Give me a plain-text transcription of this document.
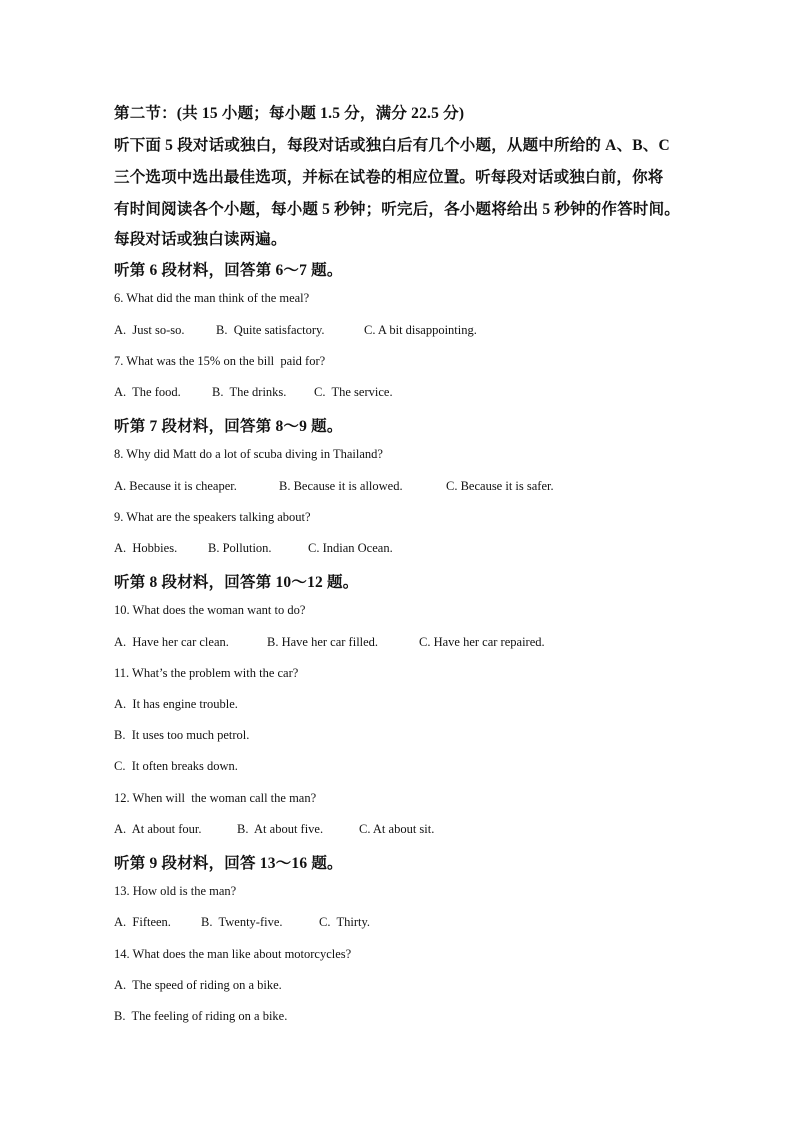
第二节：(共 15 小题；每小题 1.5 分，满分 22.5 分)
听下面 5 段对话或独白，每段对话或独白后有几个小题，从题中所给的 A、B、C
三个选项中选出最佳选项，并标在试卷的相应位置。听每段对话或独白前，你将
有时间阅读各个小题，每小题 5 秒钟；听完后，各小题将给出 5 秒钟的作答时间。
每段对话或独白读两遍。
听第 6 段材料，回答第 6～7 题。
6. What did the man think of the meal?
A.  Just so-so.	B.  Quite satisfactory.	C. A bit disappointing.
7. What was the 15% on the bill  paid for?
A.  The food. B.  The drinks. C.  The service.
听第 7 段材料，回答第 8～9 题。
8. Why did Matt do a lot of scuba diving in Thailand?
A. Because it is cheaper.	B. Because it is allowed.	C. Because it is safer.
9. What are the speakers talking about?
A.  Hobbies. B. Pollution.	C. Indian Ocean.
听第 8 段材料，回答第 10～12 题。
10. What does the woman want to do?
A.  Have her car clean.	B. Have her car filled.	C. Have her car repaired.
11. What’s the problem with the car?
A.  It has engine trouble.
B.  It uses too much petrol.
C.  It often breaks down.
12. When will  the woman call the man?
A.  At about four.	B.  At about five.	C. At about sit.
听第 9 段材料，回答 13～16 题。
13. How old is the man?
A.  Fifteen. B.  Twenty-five.	C.  Thirty.
14. What does the man like about motorcycles?
A.  The speed of riding on a bike.
B.  The feeling of riding on a bike.
